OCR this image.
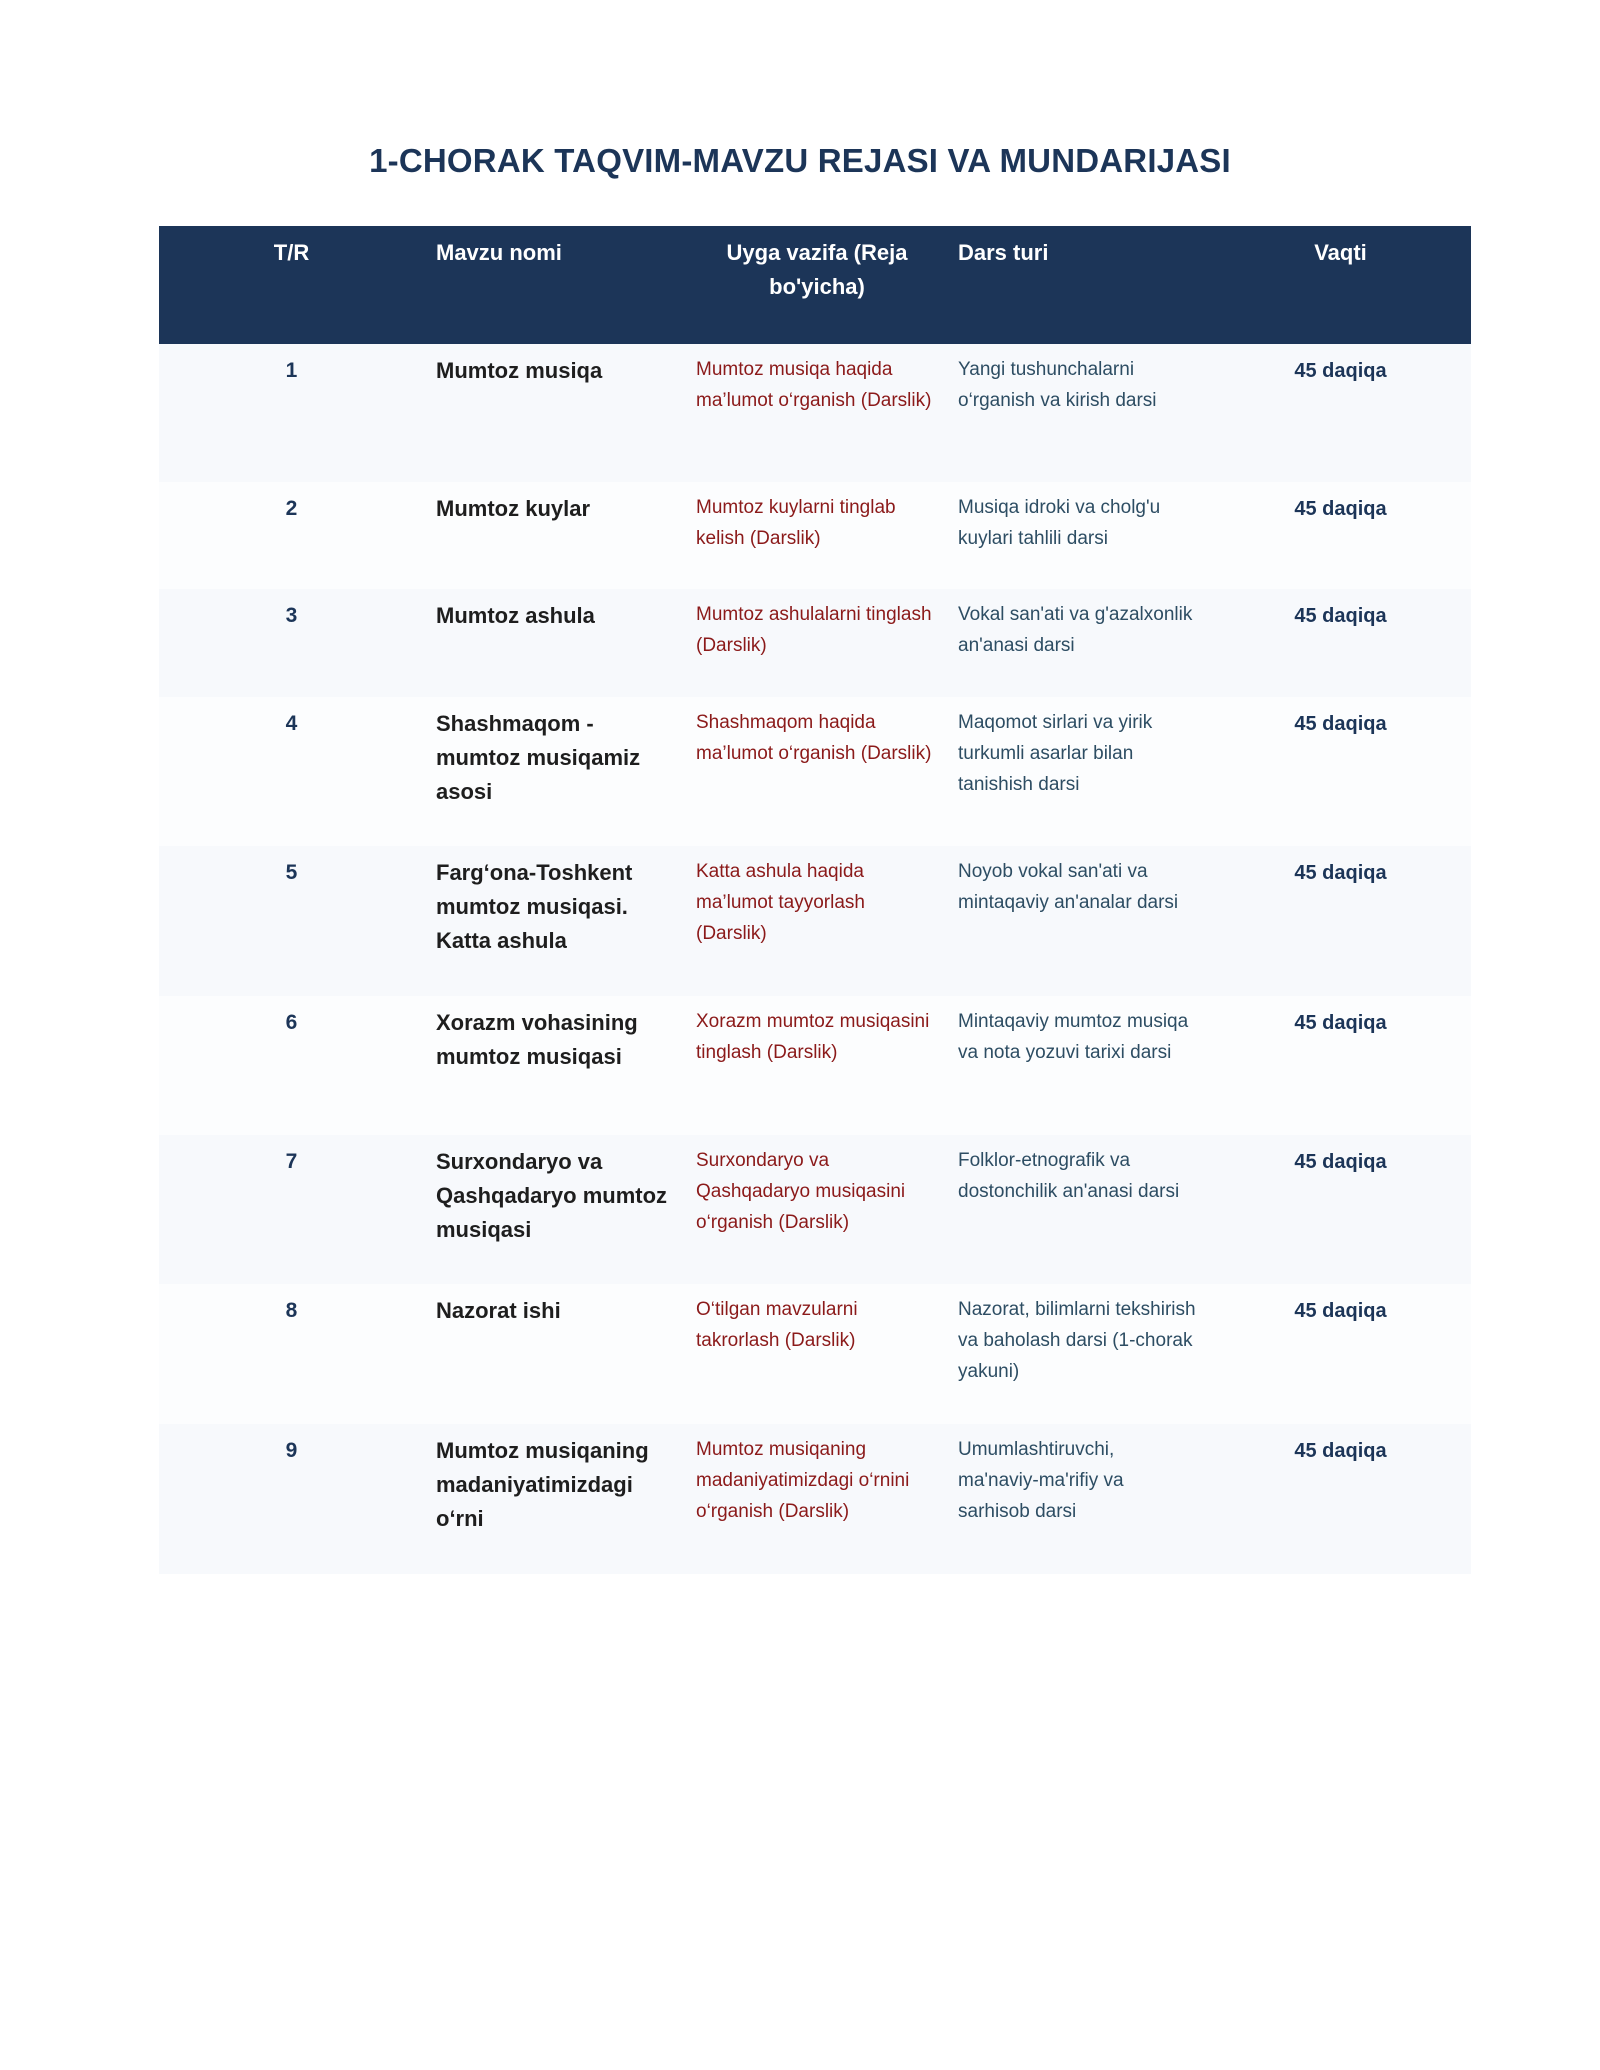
1-CHORAK TAQVIM-MAVZU REJASI VA MUNDARIJASI
T/R	Mavzu nomi	Uyga vazifa (Reja bo'yicha)	Dars turi	Vaqti
1	Mumtoz musiqa	Mumtoz musiqa haqida ma’lumot o‘rganish (Darslik)	Yangi tushunchalarni o‘rganish va kirish darsi	45 daqiqa
2	Mumtoz kuylar	Mumtoz kuylarni tinglab kelish (Darslik)	Musiqa idroki va cholg'u kuylari tahlili darsi	45 daqiqa
3	Mumtoz ashula	Mumtoz ashulalarni tinglash (Darslik)	Vokal san'ati va g'azalxonlik an'anasi darsi	45 daqiqa
4	Shashmaqom - mumtoz musiqamiz asosi	Shashmaqom haqida ma’lumot o‘rganish (Darslik)	Maqomot sirlari va yirik turkumli asarlar bilan tanishish darsi	45 daqiqa
5	Farg‘ona-Toshkent mumtoz musiqasi. Katta ashula	Katta ashula haqida ma’lumot tayyorlash (Darslik)	Noyob vokal san'ati va mintaqaviy an'analar darsi	45 daqiqa
6	Xorazm vohasining mumtoz musiqasi	Xorazm mumtoz musiqasini tinglash (Darslik)	Mintaqaviy mumtoz musiqa va nota yozuvi tarixi darsi	45 daqiqa
7	Surxondaryo va Qashqadaryo mumtoz musiqasi	Surxondaryo va Qashqadaryo musiqasini o‘rganish (Darslik)	Folklor-etnografik va dostonchilik an'anasi darsi	45 daqiqa
8	Nazorat ishi	O‘tilgan mavzularni takrorlash (Darslik)	Nazorat, bilimlarni tekshirish va baholash darsi (1-chorak yakuni)	45 daqiqa
9	Mumtoz musiqaning madaniyatimizdagi o‘rni	Mumtoz musiqaning madaniyatimizdagi o‘rnini o‘rganish (Darslik)	Umumlashtiruvchi, ma'naviy-ma'rifiy va sarhisob darsi	45 daqiqa
